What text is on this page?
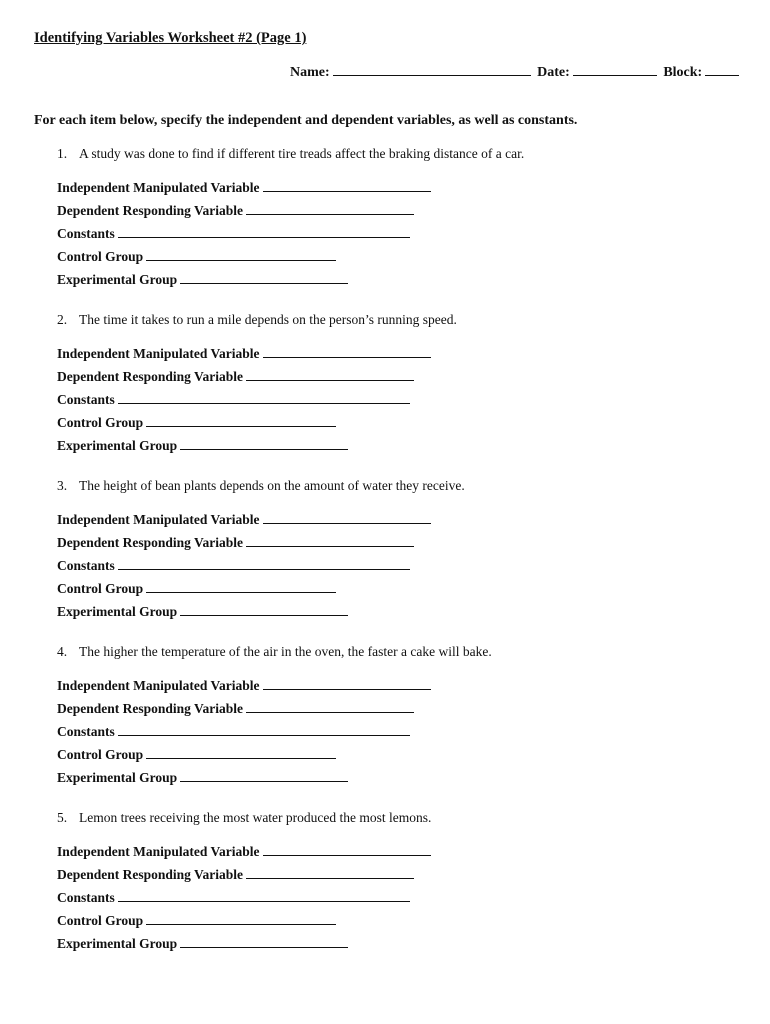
Identifying Variables Worksheet #2 (Page 1)
Name:	Date:	Block:
For each item below, specify the independent and dependent variables, as well as constants.
1. A study was done to find if different tire treads affect the braking distance of a car.
Independent Manipulated Variable
Dependent Responding Variable
Constants
Control Group
Experimental Group
2. The time it takes to run a mile depends on the person’s running speed.
Independent Manipulated Variable
Dependent Responding Variable
Constants
Control Group
Experimental Group
3. The height of bean plants depends on the amount of water they receive.
Independent Manipulated Variable
Dependent Responding Variable
Constants
Control Group
Experimental Group
4. The higher the temperature of the air in the oven, the faster a cake will bake.
Independent Manipulated Variable
Dependent Responding Variable
Constants
Control Group
Experimental Group
5. Lemon trees receiving the most water produced the most lemons.
Independent Manipulated Variable
Dependent Responding Variable
Constants
Control Group
Experimental Group
